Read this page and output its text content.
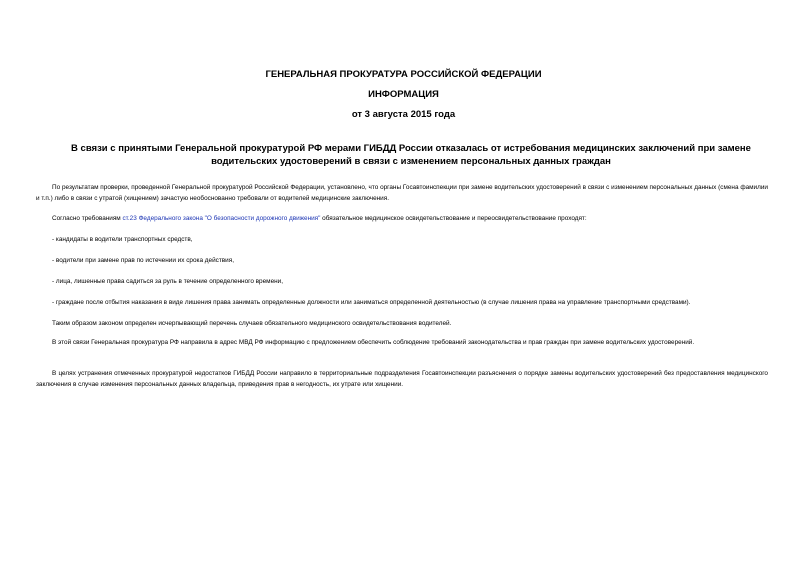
ГЕНЕРАЛЬНАЯ ПРОКУРАТУРА РОССИЙСКОЙ ФЕДЕРАЦИИ
ИНФОРМАЦИЯ
от 3 августа 2015 года
В связи с принятыми Генеральной прокуратурой РФ мерами ГИБДД России отказалась от истребования медицинских заключений при замене водительских удостоверений в связи с изменением персональных данных граждан

По результатам проверки, проведенной Генеральной прокуратурой Российской Федерации, установлено, что органы Госавтоинспекции при замене водительских удостоверений в связи с изменением персональных данных (смена фамилии и т.п.) либо в связи с утратой (хищением) зачастую необоснованно требовали от водителей медицинские заключения.

Согласно требованиям ст.23 Федерального закона "О безопасности дорожного движения" обязательное медицинское освидетельствование и переосвидетельствование проходят:

- кандидаты в водители транспортных средств,

- водители при замене прав по истечении их срока действия,

- лица, лишенные права садиться за руль в течение определенного времени,

- граждане после отбытия наказания в виде лишения права занимать определенные должности или заниматься определенной деятельностью (в случае лишения права на управление транспортными средствами).

Таким образом законом определен исчерпывающий перечень случаев обязательного медицинского освидетельствования водителей.

В этой связи Генеральная прокуратура РФ направила в адрес МВД РФ информацию с предложением обеспечить соблюдение требований законодательства и прав граждан при замене водительских удостоверений.

В целях устранения отмеченных прокуратурой недостатков ГИБДД России направило в территориальные подразделения Госавтоинспекции разъяснения о порядке замены водительских удостоверений без предоставления медицинского заключения в случае изменения персональных данных владельца, приведения прав в негодность, их утрате или хищении.
